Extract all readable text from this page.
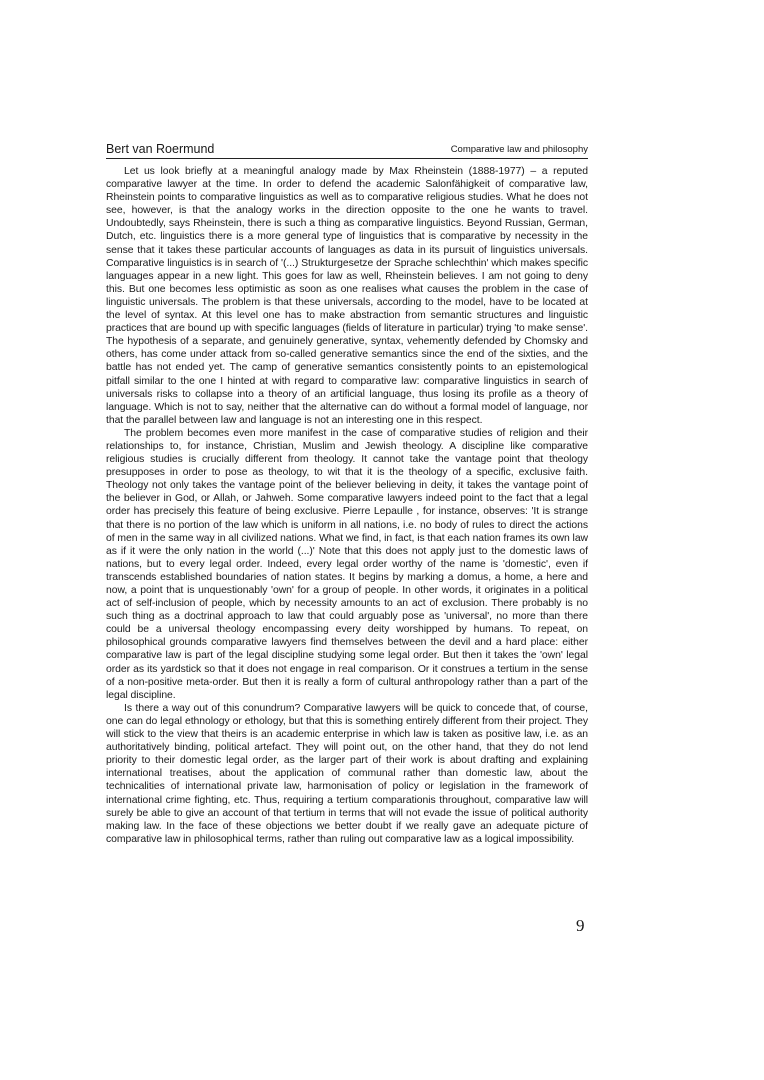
Bert van Roermund	Comparative law and philosophy

Let us look briefly at a meaningful analogy made by Max Rheinstein (1888-1977) – a reputed comparative lawyer at the time. In order to defend the academic Salonfähigkeit of comparative law, Rheinstein points to comparative linguistics as well as to comparative religious studies. What he does not see, however, is that the analogy works in the direction opposite to the one he wants to travel. Undoubtedly, says Rheinstein, there is such a thing as comparative linguistics. Beyond Russian, German, Dutch, etc. linguistics there is a more general type of linguistics that is comparative by necessity in the sense that it takes these particular accounts of languages as data in its pursuit of linguistics universals. Comparative linguistics is in search of '(...) Strukturgesetze der Sprache schlechthin' which makes specific languages appear in a new light. This goes for law as well, Rheinstein believes. I am not going to deny this. But one becomes less optimistic as soon as one realises what causes the problem in the case of linguistic universals. The problem is that these universals, according to the model, have to be located at the level of syntax. At this level one has to make abstraction from semantic structures and linguistic practices that are bound up with specific languages (fields of literature in particular) trying 'to make sense'. The hypothesis of a separate, and genuinely generative, syntax, vehemently defended by Chomsky and others, has come under attack from so-called generative semantics since the end of the sixties, and the battle has not ended yet. The camp of generative semantics consistently points to an epistemological pitfall similar to the one I hinted at with regard to comparative law: comparative linguistics in search of universals risks to collapse into a theory of an artificial language, thus losing its profile as a theory of language. Which is not to say, neither that the alternative can do without a formal model of language, nor that the parallel between law and language is not an interesting one in this respect.

The problem becomes even more manifest in the case of comparative studies of religion and their relationships to, for instance, Christian, Muslim and Jewish theology. A discipline like comparative religious studies is crucially different from theology. It cannot take the vantage point that theology presupposes in order to pose as theology, to wit that it is the theology of a specific, exclusive faith. Theology not only takes the vantage point of the believer believing in deity, it takes the vantage point of the believer in God, or Allah, or Jahweh. Some comparative lawyers indeed point to the fact that a legal order has precisely this feature of being exclusive. Pierre Lepaulle , for instance, observes: 'It is strange that there is no portion of the law which is uniform in all nations, i.e. no body of rules to direct the actions of men in the same way in all civilized nations. What we find, in fact, is that each nation frames its own law as if it were the only nation in the world (...)' Note that this does not apply just to the domestic laws of nations, but to every legal order. Indeed, every legal order worthy of the name is 'domestic', even if transcends established boundaries of nation states. It begins by marking a domus, a home, a here and now, a point that is unquestionably 'own' for a group of people. In other words, it originates in a political act of self-inclusion of people, which by necessity amounts to an act of exclusion. There probably is no such thing as a doctrinal approach to law that could arguably pose as 'universal', no more than there could be a universal theology encompassing every deity worshipped by humans. To repeat, on philosophical grounds comparative lawyers find themselves between the devil and a hard place: either comparative law is part of the legal discipline studying some legal order. But then it takes the 'own' legal order as its yardstick so that it does not engage in real comparison. Or it construes a tertium in the sense of a non-positive meta-order. But then it is really a form of cultural anthropology rather than a part of the legal discipline.

Is there a way out of this conundrum? Comparative lawyers will be quick to concede that, of course, one can do legal ethnology or ethology, but that this is something entirely different from their project. They will stick to the view that theirs is an academic enterprise in which law is taken as positive law, i.e. as an authoritatively binding, political artefact. They will point out, on the other hand, that they do not lend priority to their domestic legal order, as the larger part of their work is about drafting and explaining international treatises, about the application of communal rather than domestic law, about the technicalities of international private law, harmonisation of policy or legislation in the framework of international crime fighting, etc. Thus, requiring a tertium comparationis throughout, comparative law will surely be able to give an account of that tertium in terms that will not evade the issue of political authority making law. In the face of these objections we better doubt if we really gave an adequate picture of comparative law in philosophical terms, rather than ruling out comparative law as a logical impossibility.

9
